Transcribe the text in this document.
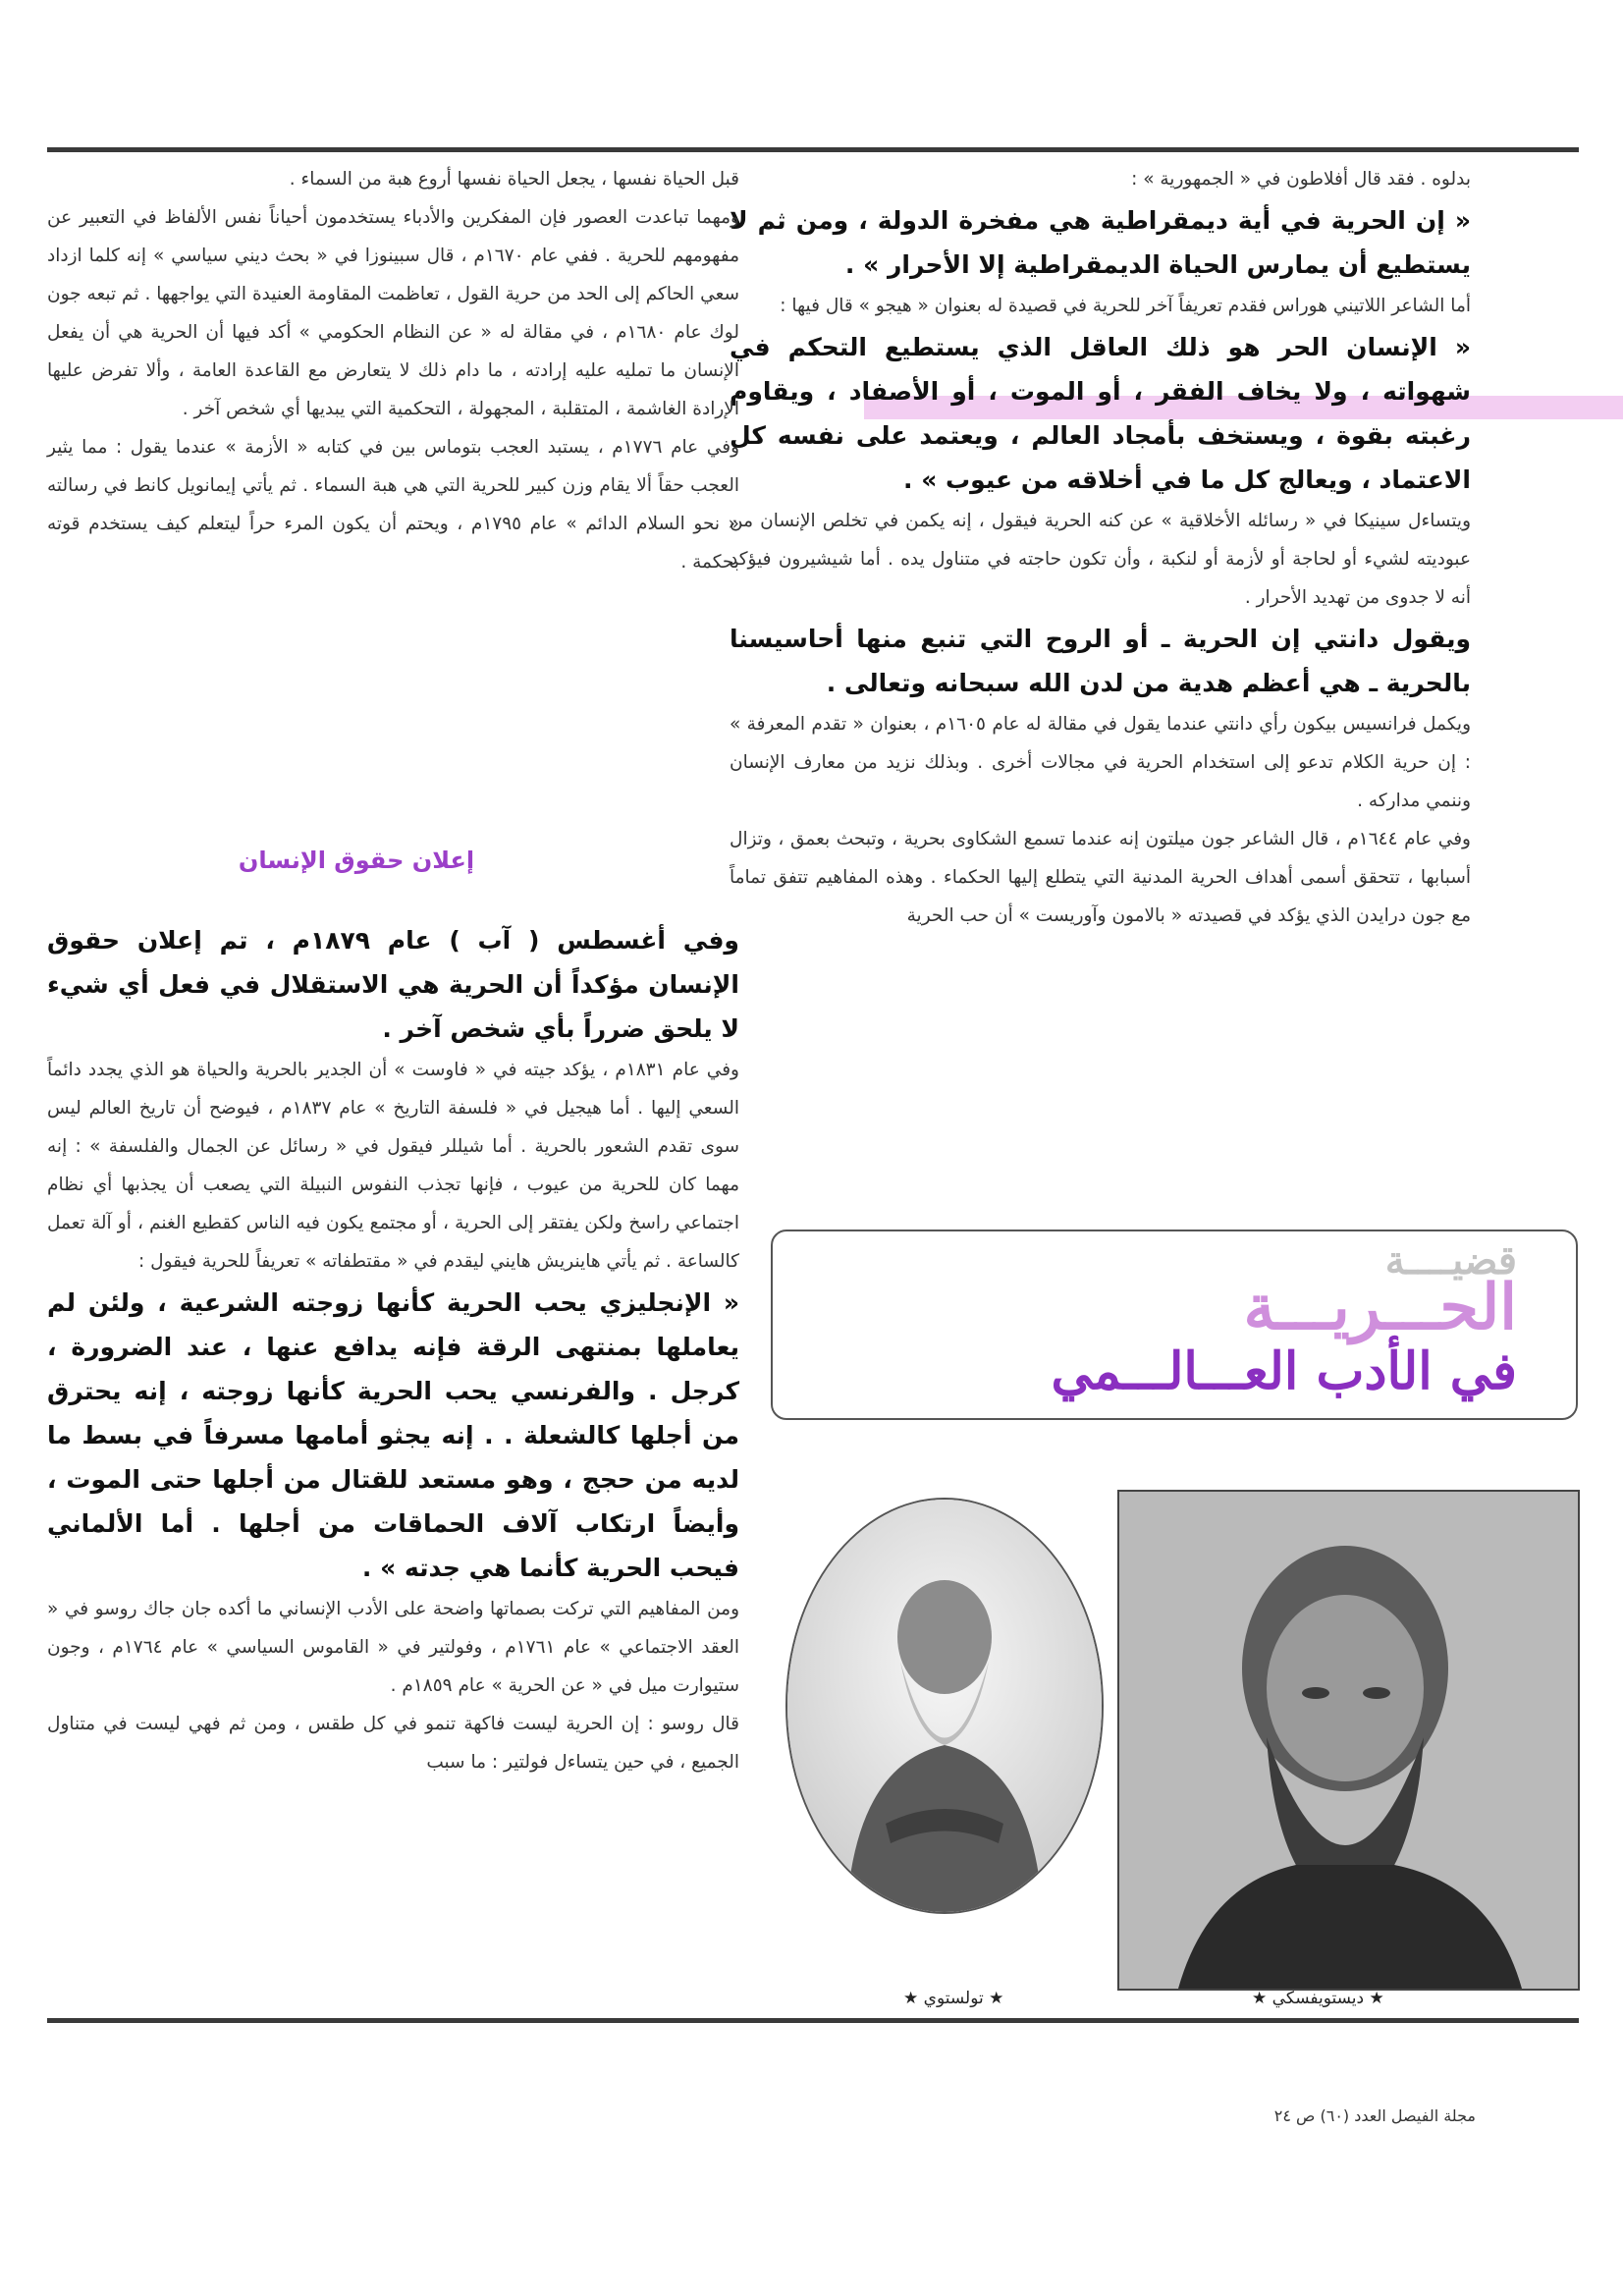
بدلوه . فقد قال أفلاطون في « الجمهورية » :

« إن الحرية في أية ديمقراطية هي مفخرة الدولة ، ومن ثم لا يستطيع أن يمارس الحياة الديمقراطية إلا الأحرار » .

أما الشاعر اللاتيني هوراس فقدم تعريفاً آخر للحرية في قصيدة له بعنوان « هيجو » قال فيها :

« الإنسان الحر هو ذلك العاقل الذي يستطيع التحكم في شهواته ، ولا يخاف الفقر ، أو الموت ، أو الأصفاد ، ويقاوم رغبته بقوة ، ويستخف بأمجاد العالم ، ويعتمد على نفسه كل الاعتماد ، ويعالج كل ما في أخلاقه من عيوب » .

ويتساءل سينيكا في « رسائله الأخلاقية » عن كنه الحرية فيقول ، إنه يكمن في تخلص الإنسان من عبوديته لشيء أو لحاجة أو لأزمة أو لنكبة ، وأن تكون حاجته في متناول يده . أما شيشيرون فيؤكد أنه لا جدوى من تهديد الأحرار .

ويقول دانتي إن الحرية ـ أو الروح التي تنبع منها أحاسيسنا بالحرية ـ هي أعظم هدية من لدن الله سبحانه وتعالى .

ويكمل فرانسيس بيكون رأي دانتي عندما يقول في مقالة له عام ١٦٠٥م ، بعنوان « تقدم المعرفة » : إن حرية الكلام تدعو إلى استخدام الحرية في مجالات أخرى . وبذلك نزيد من معارف الإنسان وننمي مداركه .

وفي عام ١٦٤٤م ، قال الشاعر جون ميلتون إنه عندما تسمع الشكاوى بحرية ، وتبحث بعمق ، وتزال أسبابها ، تتحقق أسمى أهداف الحرية المدنية التي يتطلع إليها الحكماء . وهذه المفاهيم تتفق تماماً مع جون درايدن الذي يؤكد في قصيدته « بالامون وآوريست » أن حب الحرية

قبل الحياة نفسها ، يجعل الحياة نفسها أروع هبة من السماء .

ومهما تباعدت العصور فإن المفكرين والأدباء يستخدمون أحياناً نفس الألفاظ في التعبير عن مفهومهم للحرية . ففي عام ١٦٧٠م ، قال سبينوزا في « بحث ديني سياسي » إنه كلما ازداد سعي الحاكم إلى الحد من حرية القول ، تعاظمت المقاومة العنيدة التي يواجهها . ثم تبعه جون لوك عام ١٦٨٠م ، في مقالة له « عن النظام الحكومي » أكد فيها أن الحرية هي أن يفعل الإنسان ما تمليه عليه إرادته ، ما دام ذلك لا يتعارض مع القاعدة العامة ، وألا تفرض عليها الإرادة الغاشمة ، المتقلبة ، المجهولة ، التحكمية التي يبديها أي شخص آخر .

وفي عام ١٧٧٦م ، يستبد العجب بتوماس بين في كتابه « الأزمة » عندما يقول : مما يثير العجب حقاً ألا يقام وزن كبير للحرية التي هي هبة السماء . ثم يأتي إيمانويل كانط في رسالته « نحو السلام الدائم » عام ١٧٩٥م ، ويحتم أن يكون المرء حراً ليتعلم كيف يستخدم قوته بحكمة .

إعلان حقوق الإنسان

وفي أغسطس ( آب ) عام ١٨٧٩م ، تم إعلان حقوق الإنسان مؤكداً أن الحرية هي الاستقلال في فعل أي شيء لا يلحق ضرراً بأي شخص آخر .

وفي عام ١٨٣١م ، يؤكد جيته في « فاوست » أن الجدير بالحرية والحياة هو الذي يجدد دائماً السعي إليها . أما هيجيل في « فلسفة التاريخ » عام ١٨٣٧م ، فيوضح أن تاريخ العالم ليس سوى تقدم الشعور بالحرية . أما شيللر فيقول في « رسائل عن الجمال والفلسفة » : إنه مهما كان للحرية من عيوب ، فإنها تجذب النفوس النبيلة التي يصعب أن يجذبها أي نظام اجتماعي راسخ ولكن يفتقر إلى الحرية ، أو مجتمع يكون فيه الناس كقطيع الغنم ، أو آلة تعمل كالساعة . ثم يأتي هاينريش هايني ليقدم في « مقتطفاته » تعريفاً للحرية فيقول :

« الإنجليزي يحب الحرية كأنها زوجته الشرعية ، ولئن لم يعاملها بمنتهى الرقة فإنه يدافع عنها ، عند الضرورة ، كرجل . والفرنسي يحب الحرية كأنها زوجته ، إنه يحترق من أجلها كالشعلة . . إنه يجثو أمامها مسرفاً في بسط ما لديه من حجج ، وهو مستعد للقتال من أجلها حتى الموت ، وأيضاً ارتكاب آلاف الحماقات من أجلها . أما الألماني فيحب الحرية كأنما هي جدته » .

ومن المفاهيم التي تركت بصماتها واضحة على الأدب الإنساني ما أكده جان جاك روسو في « العقد الاجتماعي » عام ١٧٦١م ، وفولتير في « القاموس السياسي » عام ١٧٦٤م ، وجون ستيوارت ميل في « عن الحرية » عام ١٨٥٩م .

قال روسو : إن الحرية ليست فاكهة تنمو في كل طقس ، ومن ثم فهي ليست في متناول الجميع ، في حين يتساءل فولتير : ما سبب

قضيــــة
الحـــريـــة
في الأدب العـــالـــمي
★ ديستويفسكي ★
★ تولستوي ★
مجلة الفيصل العدد (٦٠) ص ٢٤
